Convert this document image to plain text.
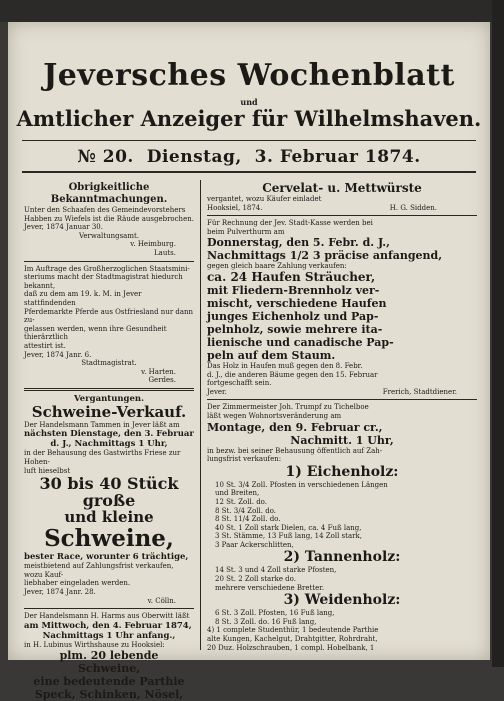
Jeversches Wochenblatt
und
Amtlicher Anzeiger für Wilhelmshaven.
№ 20. Dienstag, 3. Februar 1874.
Obrigkeitliche Bekanntmachungen.

Unter den Schaafen des Gemeindevorstehers

Habben zu Wiefels ist die Räude ausgebrochen.

Jever, 1874 Januar 30.

Verwaltungsamt.

v. Heimburg.

Lauts.

Im Auftrage des Großherzoglichen Staatsmini-

steriums macht der Stadtmagistrat hiedurch bekannt,

daß zu dem am 19. k. M. in Jever stattfindenden

Pferdemarkte Pferde aus Ostfriesland nur dann zu-

gelassen werden, wenn ihre Gesundheit thierärztlich

attestirt ist.

Jever, 1874 Janr. 6.

Stadtmagistrat.

v. Harten.

Gerdes.

Vergantungen.
Schweine-Verkauf.

Der Handelsmann Tammen in Jever läßt am

nächsten Dienstage, den 3. Februar

d. J., Nachmittags 1 Uhr,

in der Behausung des Gastwirths Friese zur Hohen-

luft hieselbst

30 bis 40 Stück große
und kleine
Schweine,

bester Race, worunter 6 trächtige,

meistbietend auf Zahlungsfrist verkaufen, wozu Kauf-

liebhaber eingeladen werden.

Jever, 1874 Janr. 28.

v. Cölln.

Der Handelsmann H. Harms aus Oberwitt läßt

am Mittwoch, den 4. Februar 1874,

Nachmittags 1 Uhr anfang.,

in H. Lubinus Wirthshause zu Hooksiel:

plm. 20 lebende

Schweine,

eine bedeutende Parthie

Speck, Schinken, Nösel,

Cervelat- u. Mettwürste

vergantet, wozu Käufer einladet

Hooksiel, 1874.	H. G. Sidden.

Für Rechnung der Jev. Stadt-Kasse werden bei

beim Pulverthurm am

Donnerstag, den 5. Febr. d. J.,

Nachmittags 1/2 3 präcise anfangend,

gegen gleich baare Zahlung verkaufen:

ca. 24 Haufen Sträucher,

mit Fliedern-Brennholz ver-

mischt, verschiedene Haufen

junges Eichenholz und Pap-

pelnholz, sowie mehrere ita-

lienische und canadische Pap-

peln auf dem Staum.

Das Holz in Haufen muß gegen den 8. Febr.

d. J., die anderen Bäume gegen den 15. Februar

fortgeschafft sein.

Jever.	Frerich, Stadtdiener.

Der Zimmermeister Joh. Trumpf zu Tichelboe

läßt wegen Wohnortsveränderung am

Montage, den 9. Februar cr.,

Nachmitt. 1 Uhr,

in bezw. bei seiner Behausung öffentlich auf Zah-

lungsfrist verkaufen:

1) Eichenholz:

10 St. 3/4 Zoll. Pfosten in verschiedenen Längen

und Breiten,

12 St. Zoll. do.

8 St. 3/4 Zoll. do.

8 St. 11/4 Zoll. do.

40 St. 1 Zoll stark Dielen, ca. 4 Fuß lang,

3 St. Stämme, 13 Fuß lang, 14 Zoll stark,

3 Paar Ackerschlitten,

2) Tannenholz:

14 St. 3 und 4 Zoll starke Pfosten,

20 St. 2 Zoll starke do.

mehrere verschiedene Bretter.

3) Weidenholz:

6 St. 3 Zoll. Pfosten, 16 Fuß lang,

8 St. 3 Zoll. do. 16 Fuß lang,

4) 1 complete Studenthür, 1 bedeutende Parthie

alte Kungen, Kachelgut, Drahtgitter, Rohrdraht,

20 Duz. Holzschrauben, 1 compl. Hobelbank, 1
